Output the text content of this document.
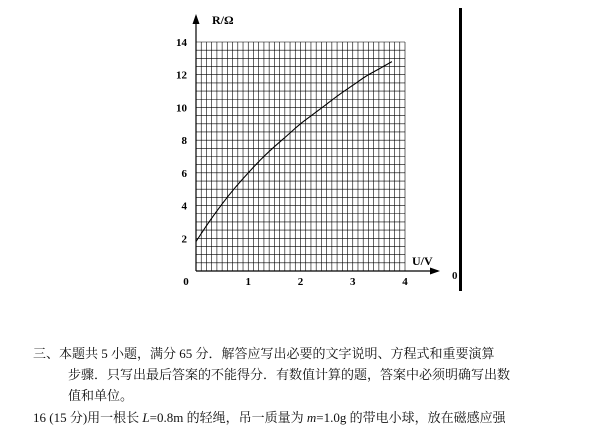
0	1	2	3	4
2
4
6
8
10
12
14
R/Ω
U/V
0
三、本题共 5 小题，满分 65 分．解答应写出必要的文字说明、方程式和重要演算
步骤．只写出最后答案的不能得分．有数值计算的题，答案中必须明确写出数
值和单位。
16 (15 分)用一根长 L=0.8m 的轻绳，吊一质量为 m=1.0g 的带电小球，放在磁感应强
